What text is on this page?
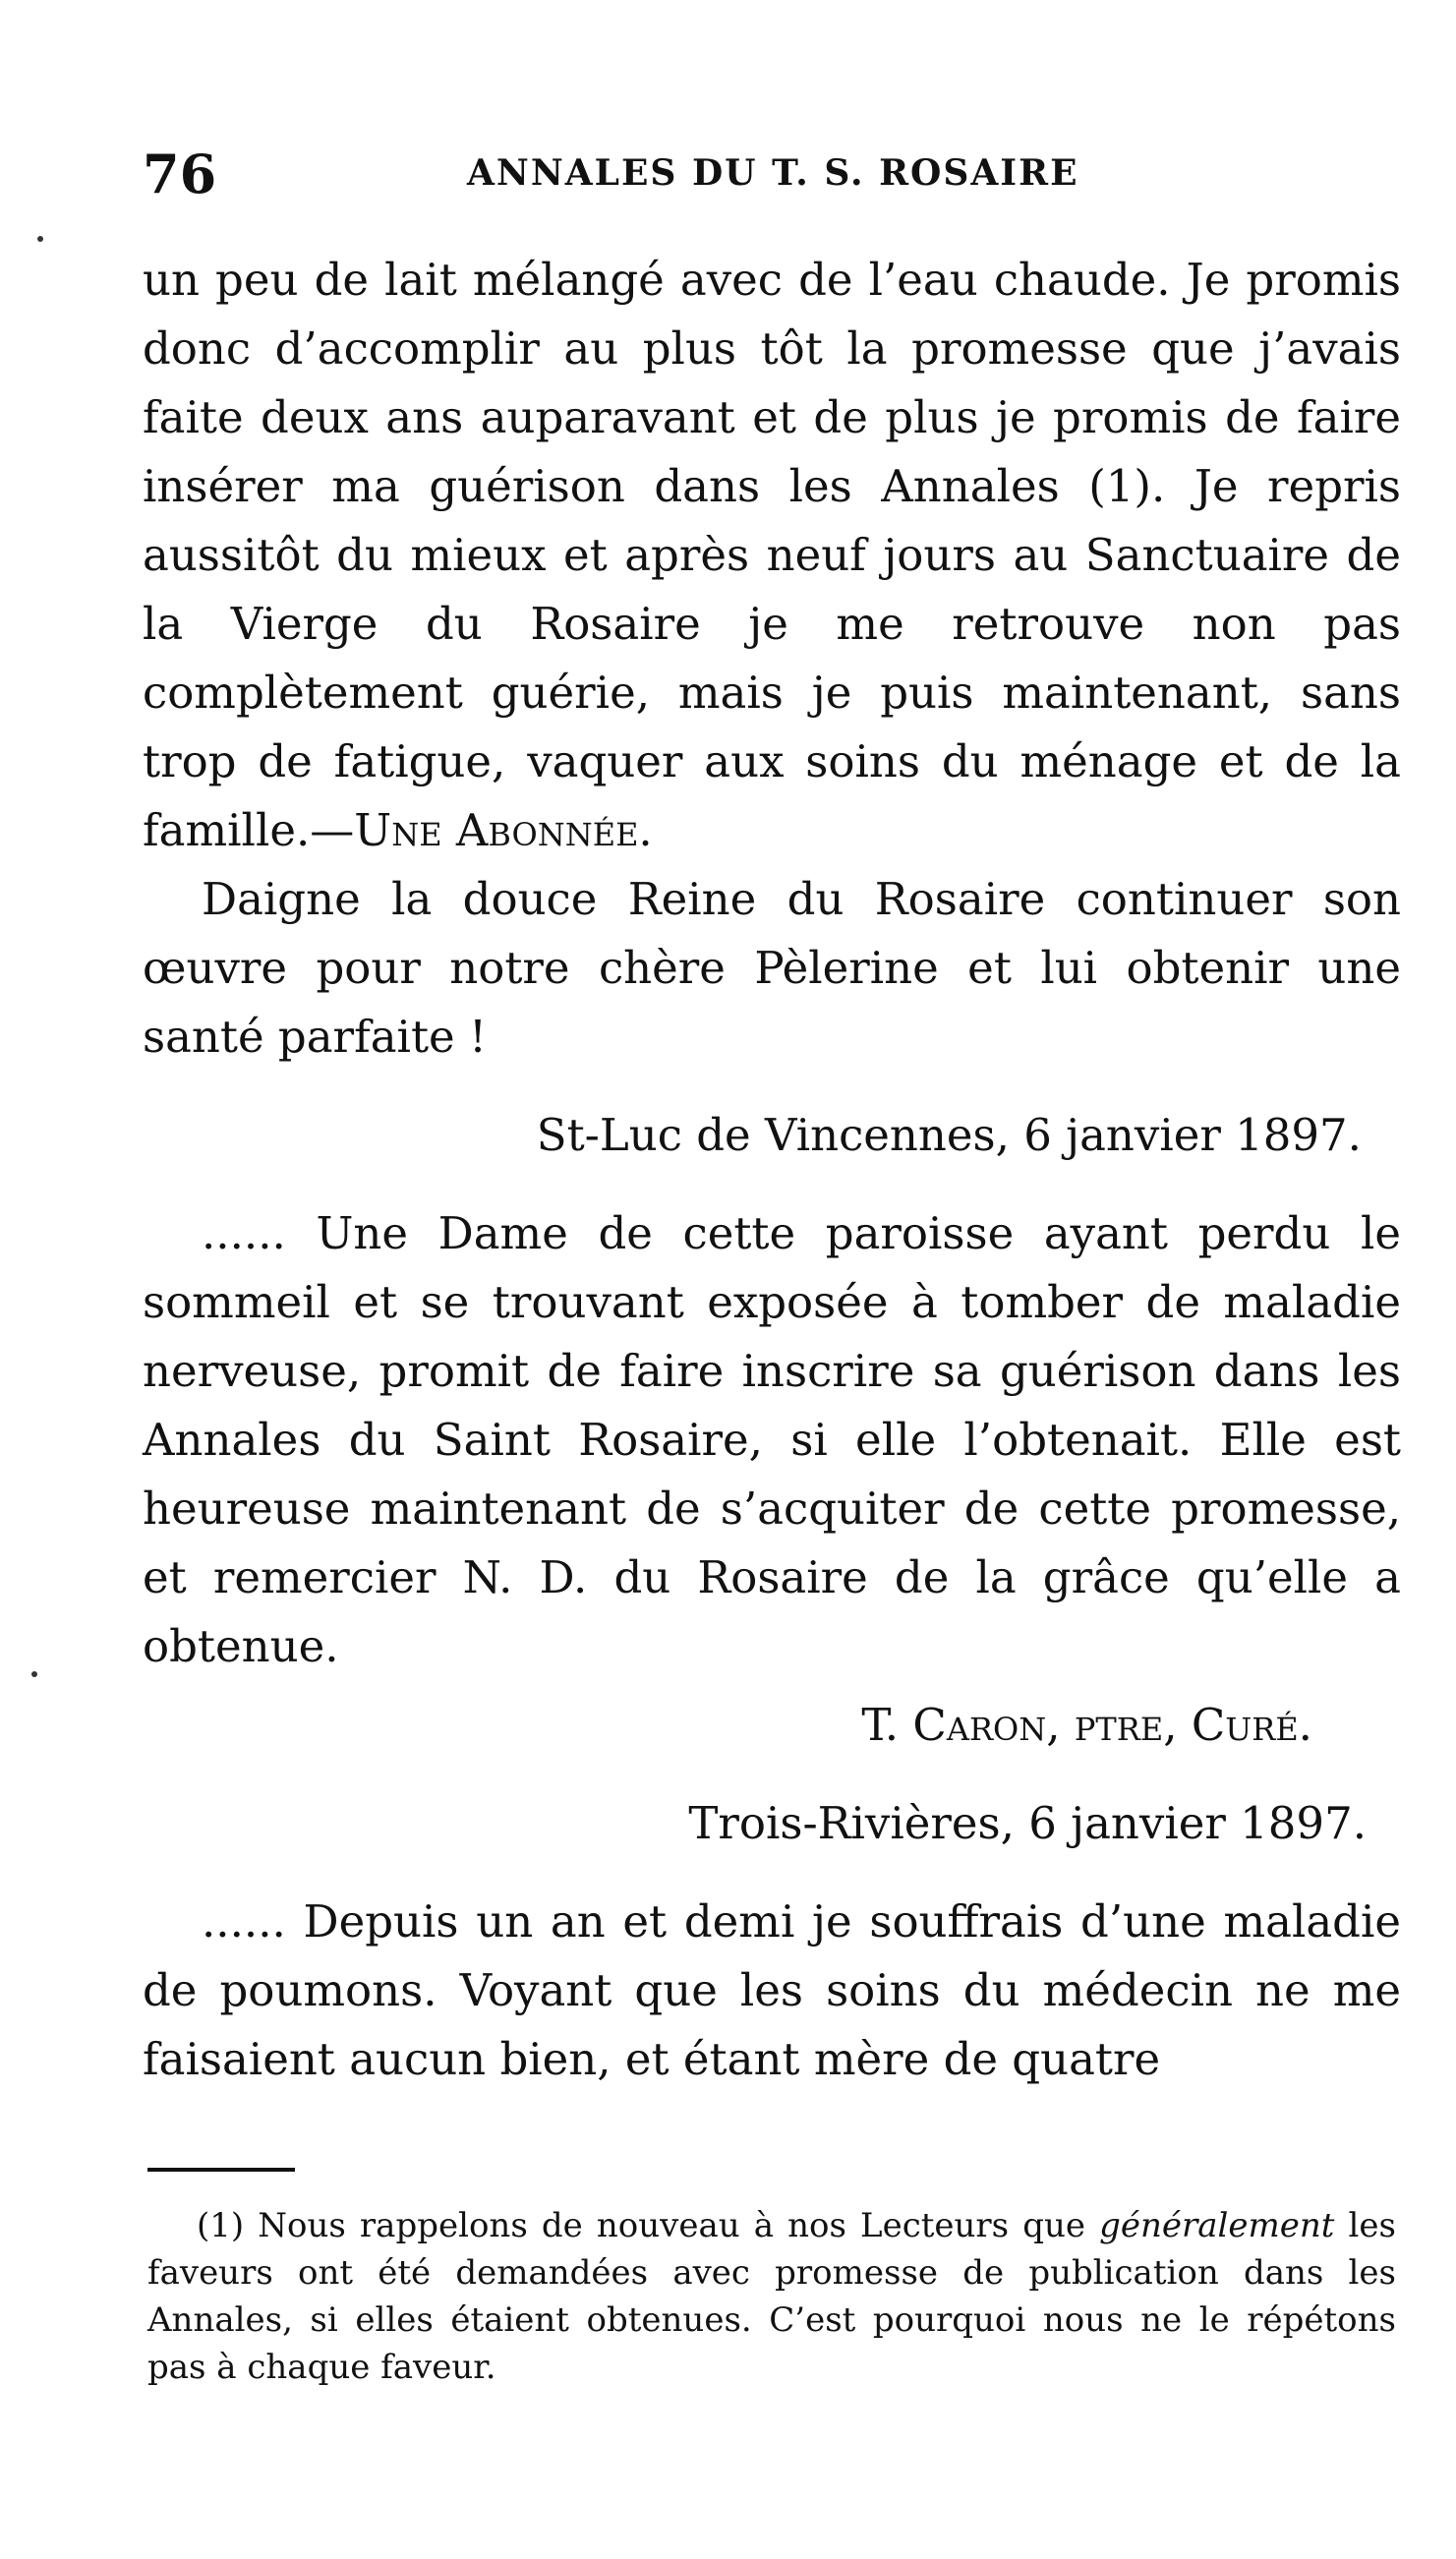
76	ANNALES DU T. S. ROSAIRE

un peu de lait mélangé avec de l’eau chaude. Je promis donc d’accomplir au plus tôt la promesse que j’avais faite deux ans auparavant et de plus je promis de faire insérer ma guérison dans les Annales (1). Je repris aussitôt du mieux et après neuf jours au Sanctuaire de la Vierge du Rosaire je me retrouve non pas complètement guérie, mais je puis maintenant, sans trop de fatigue, vaquer aux soins du ménage et de la famille.—Une Abonnée.

Daigne la douce Reine du Rosaire continuer son œuvre pour notre chère Pèlerine et lui obtenir une santé parfaite !

St-Luc de Vincennes, 6 janvier 1897.

...... Une Dame de cette paroisse ayant perdu le sommeil et se trouvant exposée à tomber de maladie nerveuse, promit de faire inscrire sa guérison dans les Annales du Saint Rosaire, si elle l’obtenait. Elle est heureuse maintenant de s’acquiter de cette promesse, et remercier N. D. du Rosaire de la grâce qu’elle a obtenue.

T. Caron, ptre, Curé.

Trois-Rivières, 6 janvier 1897.

...... Depuis un an et demi je souffrais d’une maladie de poumons. Voyant que les soins du médecin ne me faisaient aucun bien, et étant mère de quatre

(1) Nous rappelons de nouveau à nos Lecteurs que généralement les faveurs ont été demandées avec promesse de publication dans les Annales, si elles étaient obtenues. C’est pourquoi nous ne le répétons pas à chaque faveur.
